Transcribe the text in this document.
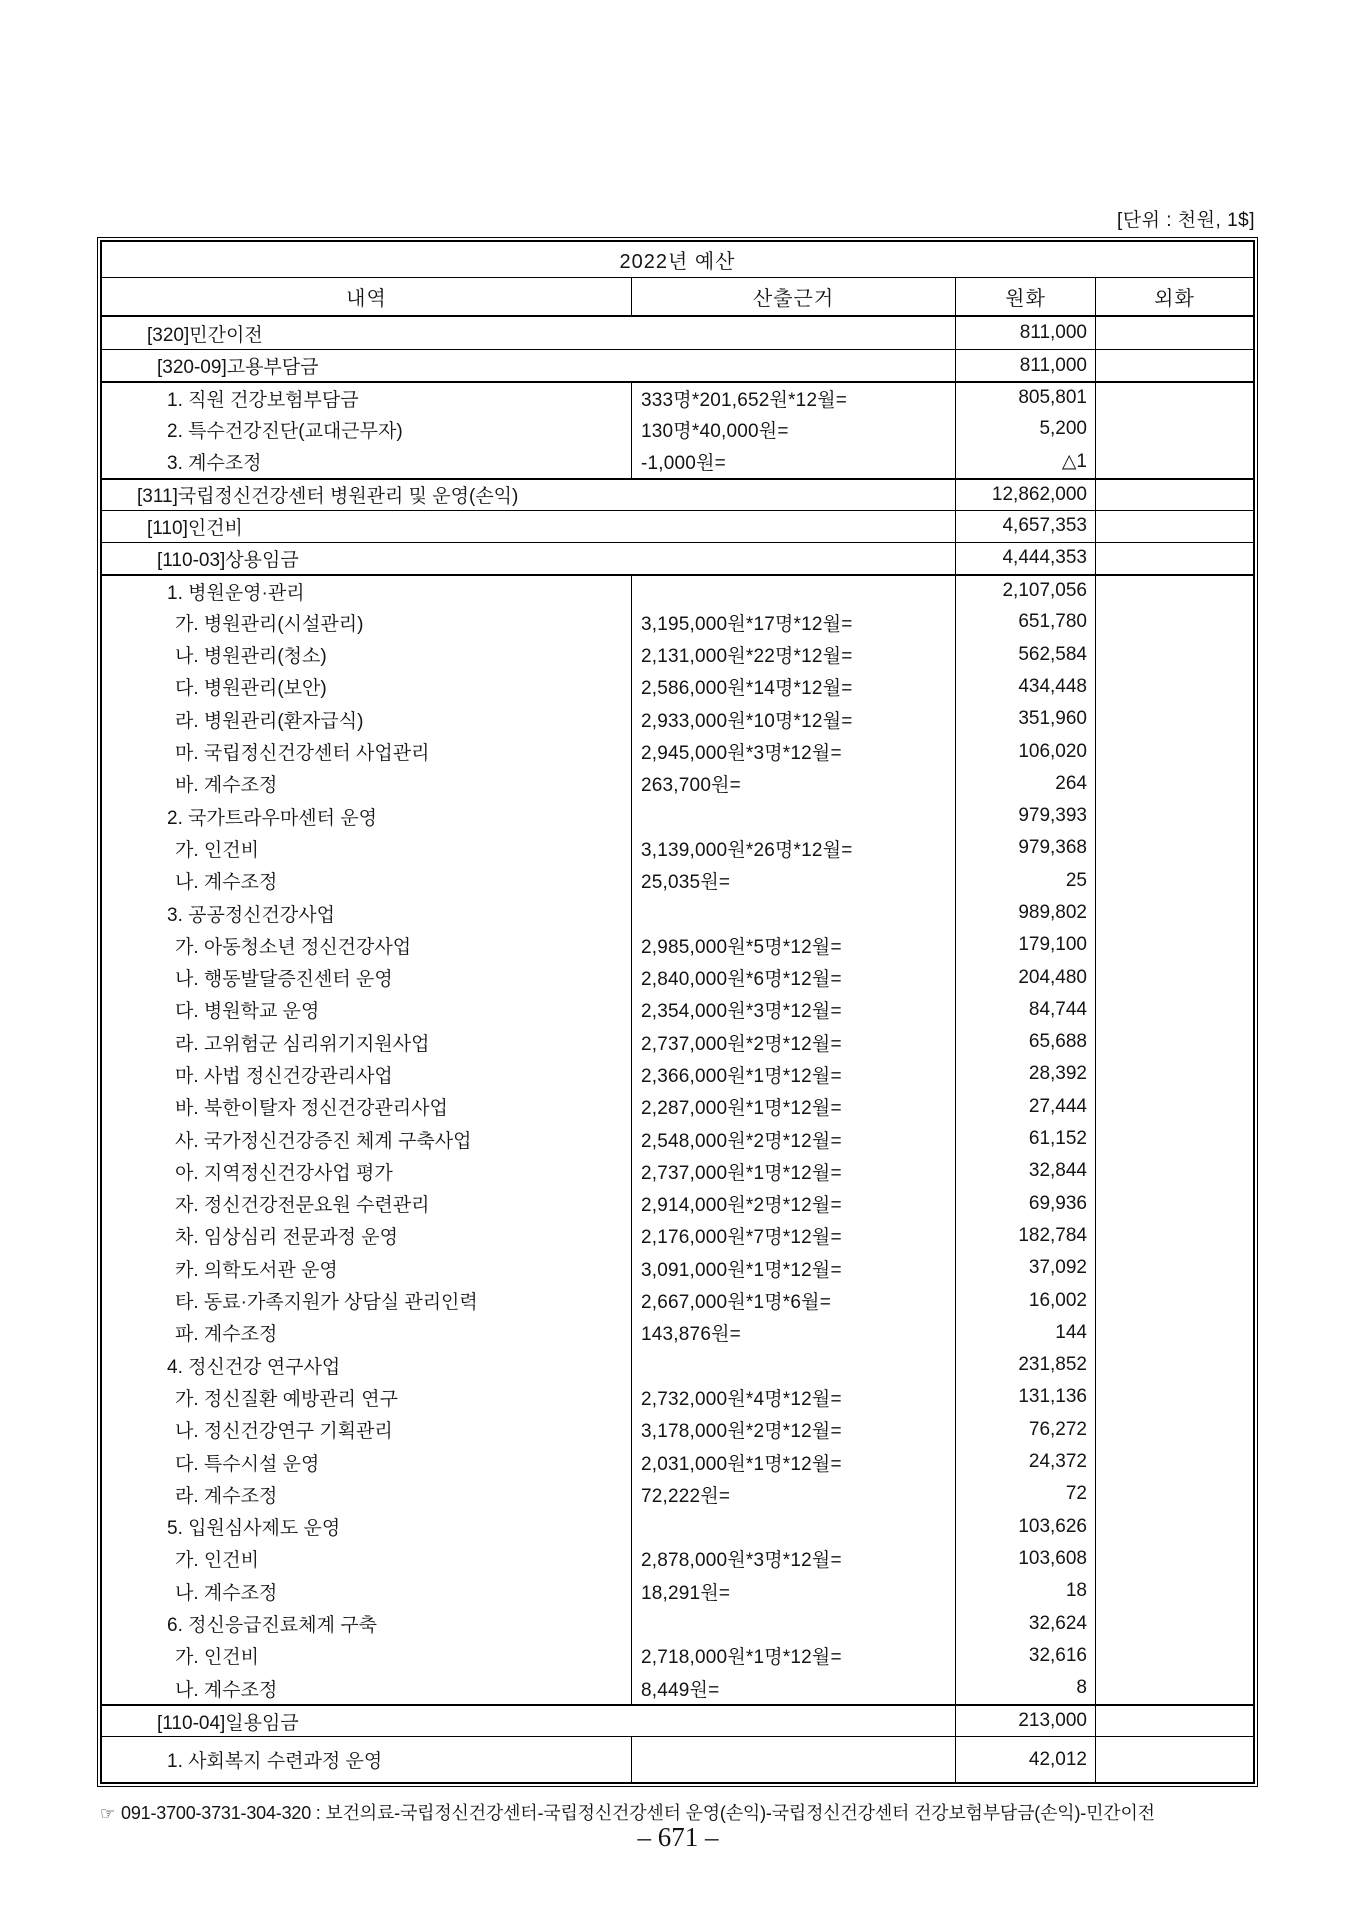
[단위 : 천원, 1$]
2022년 예산
내역	산출근거	원화	외화
[320]민간이전	811,000
[320-09]고용부담금	811,000
1. 직원 건강보험부담금	333명*201,652원*12월=	805,801
2. 특수건강진단(교대근무자)	130명*40,000원=	5,200
3. 계수조정	-1,000원=	△1
[311]국립정신건강센터 병원관리 및 운영(손익)	12,862,000
[110]인건비	4,657,353
[110-03]상용임금	4,444,353
1. 병원운영·관리	2,107,056
가. 병원관리(시설관리)	3,195,000원*17명*12월=	651,780
나. 병원관리(청소)	2,131,000원*22명*12월=	562,584
다. 병원관리(보안)	2,586,000원*14명*12월=	434,448
라. 병원관리(환자급식)	2,933,000원*10명*12월=	351,960
마. 국립정신건강센터 사업관리	2,945,000원*3명*12월=	106,020
바. 계수조정	263,700원=	264
2. 국가트라우마센터 운영	979,393
가. 인건비	3,139,000원*26명*12월=	979,368
나. 계수조정	25,035원=	25
3. 공공정신건강사업	989,802
가. 아동청소년 정신건강사업	2,985,000원*5명*12월=	179,100
나. 행동발달증진센터 운영	2,840,000원*6명*12월=	204,480
다. 병원학교 운영	2,354,000원*3명*12월=	84,744
라. 고위험군 심리위기지원사업	2,737,000원*2명*12월=	65,688
마. 사법 정신건강관리사업	2,366,000원*1명*12월=	28,392
바. 북한이탈자 정신건강관리사업	2,287,000원*1명*12월=	27,444
사. 국가정신건강증진 체계 구축사업	2,548,000원*2명*12월=	61,152
아. 지역정신건강사업 평가	2,737,000원*1명*12월=	32,844
자. 정신건강전문요원 수련관리	2,914,000원*2명*12월=	69,936
차. 임상심리 전문과정 운영	2,176,000원*7명*12월=	182,784
카. 의학도서관 운영	3,091,000원*1명*12월=	37,092
타. 동료·가족지원가 상담실 관리인력	2,667,000원*1명*6월=	16,002
파. 계수조정	143,876원=	144
4. 정신건강 연구사업	231,852
가. 정신질환 예방관리 연구	2,732,000원*4명*12월=	131,136
나. 정신건강연구 기획관리	3,178,000원*2명*12월=	76,272
다. 특수시설 운영	2,031,000원*1명*12월=	24,372
라. 계수조정	72,222원=	72
5. 입원심사제도 운영	103,626
가. 인건비	2,878,000원*3명*12월=	103,608
나. 계수조정	18,291원=	18
6. 정신응급진료체계 구축	32,624
가. 인건비	2,718,000원*1명*12월=	32,616
나. 계수조정	8,449원=	8
[110-04]일용임금	213,000
1. 사회복지 수련과정 운영	42,012
☞ 091-3700-3731-304-320 : 보건의료-국립정신건강센터-국립정신건강센터 운영(손익)-국립정신건강센터 건강보험부담금(손익)-민간이전
– 671 –
